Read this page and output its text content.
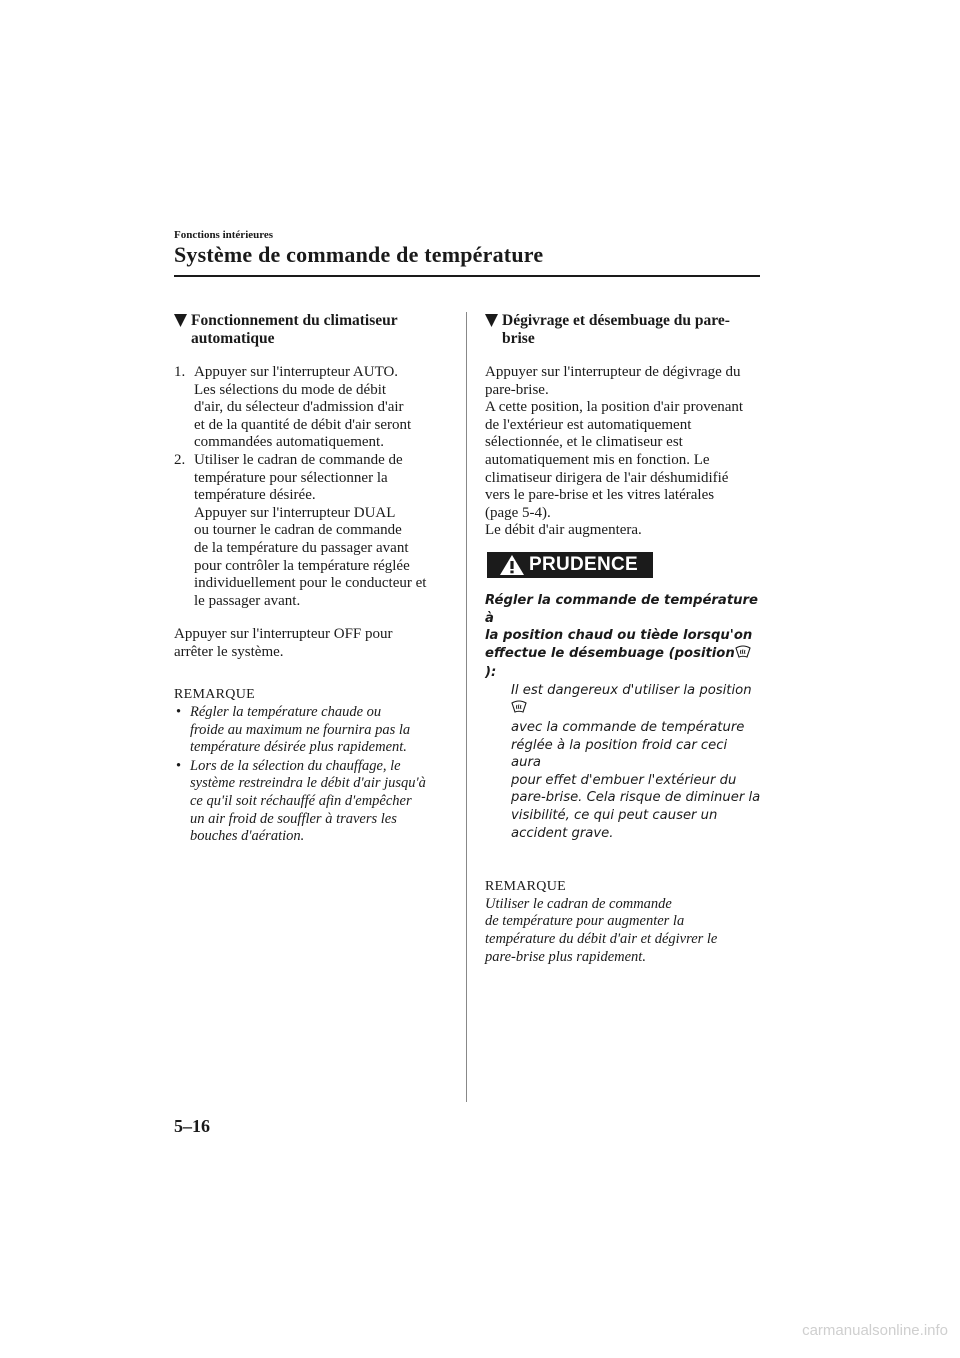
Fonctions intérieures
Système de commande de température
Fonctionnement du climatiseur automatique
1. Appuyer sur l'interrupteur AUTO.
Les sélections du mode de débit
d'air, du sélecteur d'admission d'air
et de la quantité de débit d'air seront
commandées automatiquement.
2. Utiliser le cadran de commande de
température pour sélectionner la
température désirée.
Appuyer sur l'interrupteur DUAL
ou tourner le cadran de commande
de la température du passager avant
pour contrôler la température réglée
individuellement pour le conducteur et
le passager avant.
Appuyer sur l'interrupteur OFF pour
arrêter le système.
REMARQUE
• Régler la température chaude ou
froide au maximum ne fournira pas la
température désirée plus rapidement.
• Lors de la sélection du chauffage, le
système restreindra le débit d'air jusqu'à
ce qu'il soit réchauffé afin d'empêcher
un air froid de souffler à travers les
bouches d'aération.
Dégivrage et désembuage du pare-brise
Appuyer sur l'interrupteur de dégivrage du
pare-brise.
A cette position, la position d'air provenant
de l'extérieur est automatiquement
sélectionnée, et le climatiseur est
automatiquement mis en fonction. Le
climatiseur dirigera de l'air déshumidifié
vers le pare-brise et les vitres latérales
(page 5-4).
Le débit d'air augmentera.
PRUDENCE
Régler la commande de température à
la position chaud ou tiède lorsqu'on
effectue le désembuage (position):
Il est dangereux d'utiliser la position
avec la commande de température
réglée à la position froid car ceci aura
pour effet d'embuer l'extérieur du
pare-brise. Cela risque de diminuer la
visibilité, ce qui peut causer un
accident grave.
REMARQUE
Utiliser le cadran de commande
de température pour augmenter la
température du débit d'air et dégivrer le
pare-brise plus rapidement.
5–16
carmanualsonline.info
